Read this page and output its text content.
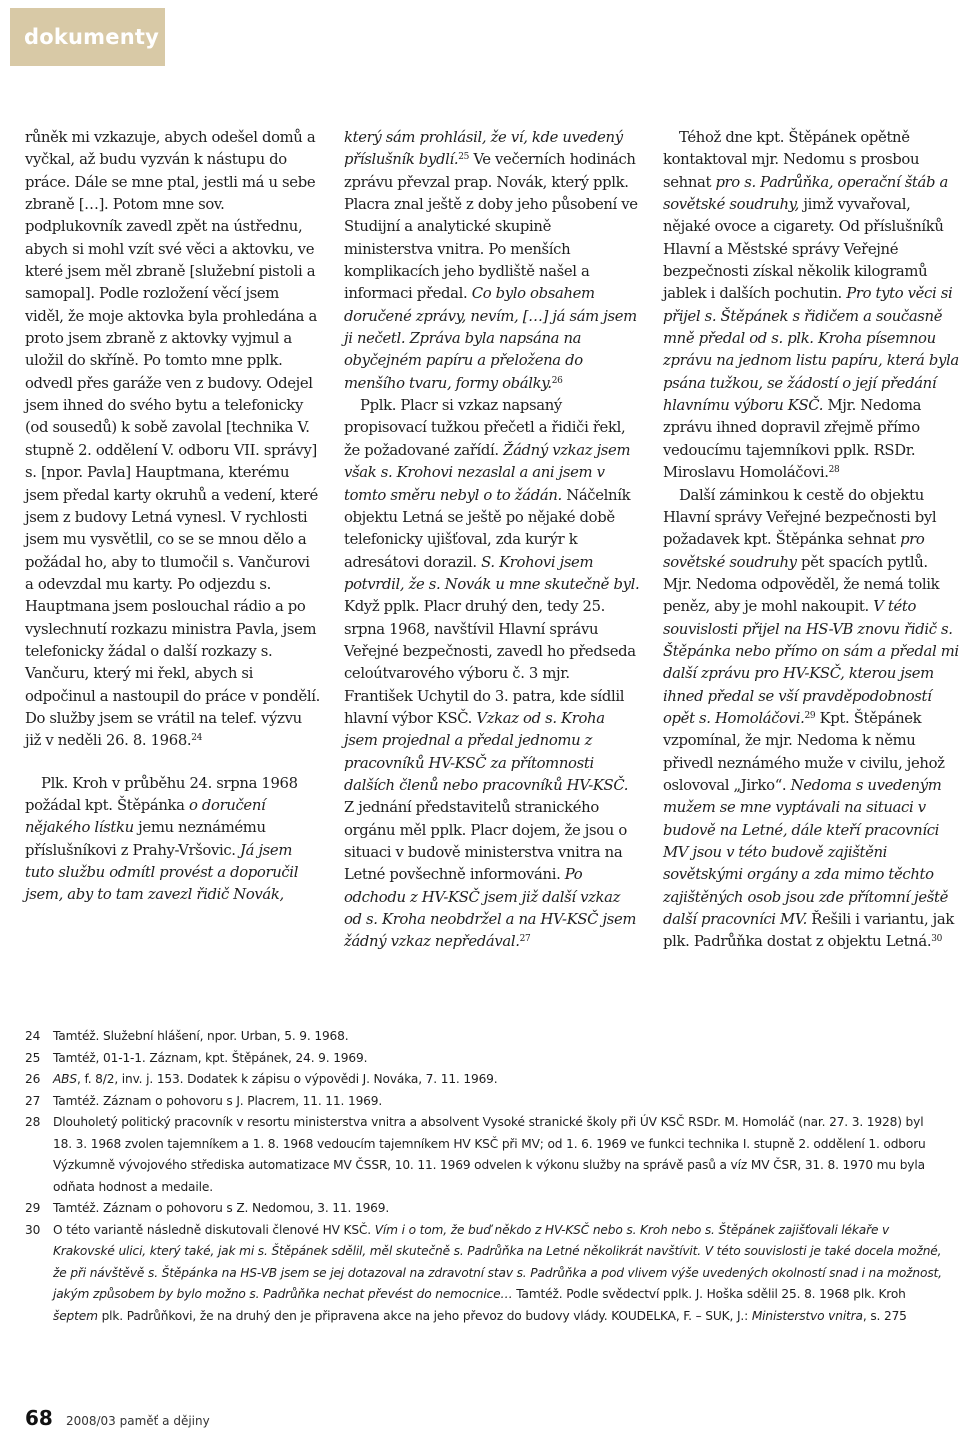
dokumenty

růněk mi vzkazuje, abych odešel domů a vyčkal, až budu vyzván k nástupu do práce. Dále se mne ptal, jestli má u sebe zbraně […]. Potom mne sov. podplukovník zavedl zpět na ústřednu, abych si mohl vzít své věci a aktovku, ve které jsem měl zbraně [služební pistoli a samopal]. Podle rozložení věcí jsem viděl, že moje aktovka byla prohledána a proto jsem zbraně z aktovky vyjmul a uložil do skříně. Po tomto mne pplk. odvedl přes garáže ven z budovy. Odejel jsem ihned do svého bytu a telefonicky (od sousedů) k sobě zavolal [technika V. stupně 2. oddělení V. odboru VII. správy] s. [npor. Pavla] Hauptmana, kterému jsem předal karty okruhů a vedení, které jsem z budovy Letná vynesl. V rychlosti jsem mu vysvětlil, co se se mnou dělo a požádal ho, aby to tlumočil s. Vančurovi a odevzdal mu karty. Po odjezdu s. Hauptmana jsem poslouchal rádio a po vyslechnutí rozkazu ministra Pavla, jsem telefonicky žádal o další rozkazy s. Vančuru, který mi řekl, abych si odpočinul a nastoupil do práce v pondělí. Do služby jsem se vrátil na telef. výzvu již v neděli 26. 8. 1968.24

Plk. Kroh v průběhu 24. srpna 1968 požádal kpt. Štěpánka o doručení nějakého lístku jemu neznámému příslušníkovi z Prahy-Vršovic. Já jsem tuto službu odmítl provést a doporučil jsem, aby to tam zavezl řidič Novák,

který sám prohlásil, že ví, kde uvedený příslušník bydlí.$^{25}$ Ve večerních hodinách zprávu převzal prap. Novák, který pplk. Placra znal ještě z doby jeho působení ve Studijní a analytické skupině ministerstva vnitra. Po menších komplikacích jeho bydliště našel a informaci předal. Co bylo obsahem doručené zprávy, nevím, […] já sám jsem ji nečetl. Zpráva byla napsána na obyčejném papíru a přeložena do menšího tvaru, formy obálky.$^{26}$

Pplk. Placr si vzkaz napsaný propisovací tužkou přečetl a řidiči řekl, že požadované zařídí. Žádný vzkaz jsem však s. Krohovi nezaslal a ani jsem v tomto směru nebyl o to žádán. Náčelník objektu Letná se ještě po nějaké době telefonicky ujišťoval, zda kurýr k adresátovi dorazil. S. Krohovi jsem potvrdil, že s. Novák u mne skutečně byl. Když pplk. Placr druhý den, tedy 25. srpna 1968, navštívil Hlavní správu Veřejné bezpečnosti, zavedl ho předseda celoútvarového výboru č. 3 mjr. František Uchytil do 3. patra, kde sídlil hlavní výbor KSČ. Vzkaz od s. Kroha jsem projednal a předal jednomu z pracovníků HV-KSČ za přítomnosti dalších členů nebo pracovníků HV-KSČ. Z jednání představitelů stranického orgánu měl pplk. Placr dojem, že jsou o situaci v budově ministerstva vnitra na Letné povšechně informováni. Po odchodu z HV-KSČ jsem již další vzkaz od s. Kroha neobdržel a na HV-KSČ jsem žádný vzkaz nepředával.$^{27}$

Téhož dne kpt. Štěpánek opětně kontaktoval mjr. Nedomu s prosbou sehnat pro s. Padrůňka, operační štáb a sovětské soudruhy, jimž vyvařoval, nějaké ovoce a cigarety. Od příslušníků Hlavní a Městské správy Veřejné bezpečnosti získal několik kilogramů jablek i dalších pochutin. Pro tyto věci si přijel s. Štěpánek s řidičem a současně mně předal od s. plk. Kroha písemnou zprávu na jednom listu papíru, která byla psána tužkou, se žádostí o její předání hlavnímu výboru KSČ. Mjr. Nedoma zprávu ihned dopravil zřejmě přímo vedoucímu tajemníkovi pplk. RSDr. Miroslavu Homoláčovi.$^{28}$

Další záminkou k cestě do objektu Hlavní správy Veřejné bezpečnosti byl požadavek kpt. Štěpánka sehnat pro sovětské soudruhy pět spacích pytlů. Mjr. Nedoma odpověděl, že nemá tolik peněz, aby je mohl nakoupit. V této souvislosti přijel na HS-VB znovu řidič s. Štěpánka nebo přímo on sám a předal mi další zprávu pro HV-KSČ, kterou jsem ihned předal se vší pravděpodobností opět s. Homoláčovi.$^{29}$ Kpt. Štěpánek vzpomínal, že mjr. Nedoma k němu přivedl neznámého muže v civilu, jehož oslovoval „Jirko“. Nedoma s uvedeným mužem se mne vyptávali na situaci v budově na Letné, dále kteří pracovníci MV jsou v této budově zajištěni sovětskými orgány a zda mimo těchto zajištěných osob jsou zde přítomní ještě další pracovníci MV. Řešili i variantu, jak plk. Padrůňka dostat z objektu Letná.$^{30}$

24 Tamtéž. Služební hlášení, npor. Urban, 5. 9. 1968.
25 Tamtéž, 01-1-1. Záznam, kpt. Štěpánek, 24. 9. 1969.
26 ABS, f. 8/2, inv. j. 153. Dodatek k zápisu o výpovědi J. Nováka, 7. 11. 1969.
27 Tamtéž. Záznam o pohovoru s J. Placrem, 11. 11. 1969.
28 Dlouholetý politický pracovník v resortu ministerstva vnitra a absolvent Vysoké stranické školy při ÚV KSČ RSDr. M. Homoláč (nar. 27. 3. 1928) byl 18. 3. 1968 zvolen tajemníkem a 1. 8. 1968 vedoucím tajemníkem HV KSČ při MV; od 1. 6. 1969 ve funkci technika I. stupně 2. oddělení 1. odboru Výzkumně vývojového střediska automatizace MV ČSSR, 10. 11. 1969 odvelen k výkonu služby na správě pasů a víz MV ČSR, 31. 8. 1970 mu byla odňata hodnost a medaile.
29 Tamtéž. Záznam o pohovoru s Z. Nedomou, 3. 11. 1969.
30 O této variantě následně diskutovali členové HV KSČ. Vím i o tom, že buď někdo z HV-KSČ nebo s. Kroh nebo s. Štěpánek zajišťovali lékaře v Krakovské ulici, který také, jak mi s. Štěpánek sdělil, měl skutečně s. Padrůňka na Letné několikrát navštívit. V této souvislosti je také docela možné, že při návštěvě s. Štěpánka na HS-VB jsem se jej dotazoval na zdravotní stav s. Padrůňka a pod vlivem výše uvedených okolností snad i na možnost, jakým způsobem by bylo možno s. Padrůňka nechat převést do nemocnice… Tamtéž. Podle svědectví pplk. J. Hoška sdělil 25. 8. 1968 plk. Kroh šeptem plk. Padrůňkovi, že na druhý den je připravena akce na jeho převoz do budovy vlády. KOUDELKA, F. – SUK, J.: Ministerstvo vnitra, s. 275
68 2008/03 paměť a dějiny
